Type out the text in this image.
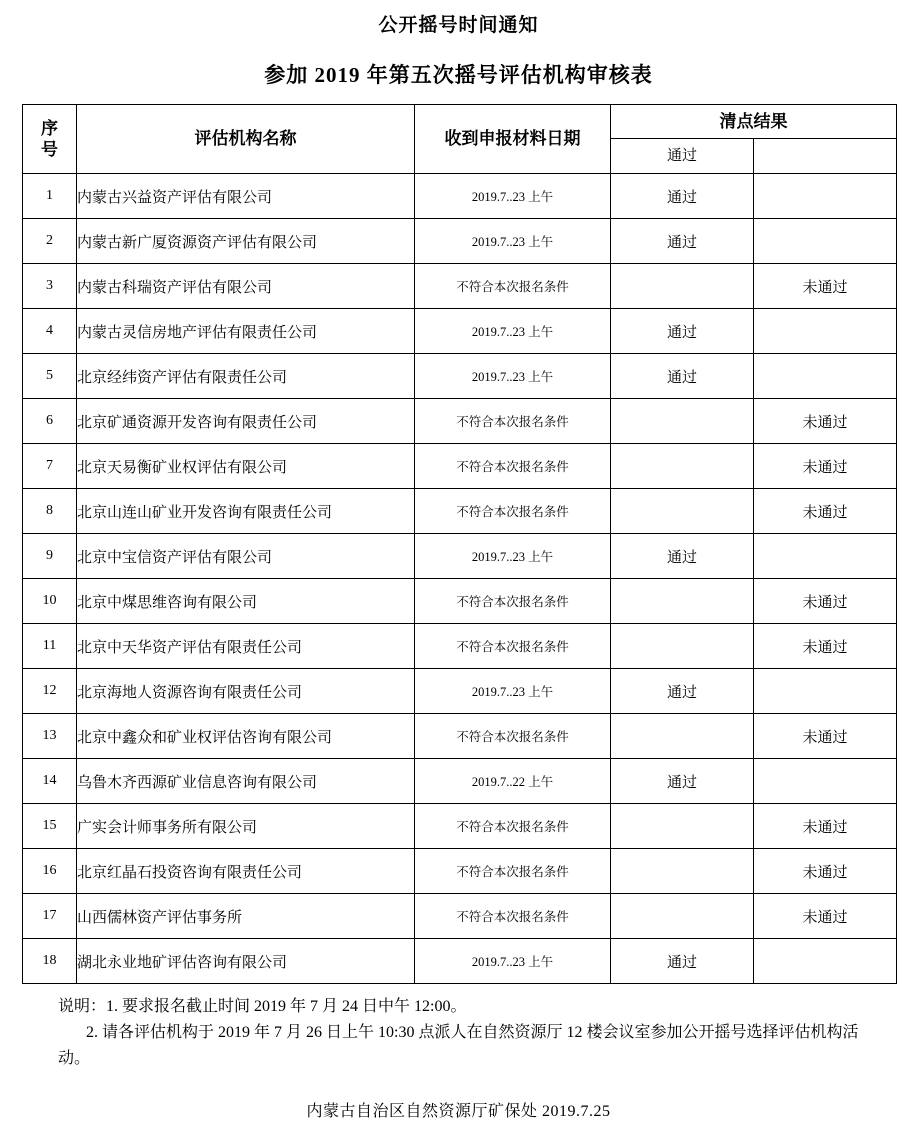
公开摇号时间通知
参加 2019 年第五次摇号评估机构审核表
序
号	评估机构名称	收到申报材料日期	清点结果	
			通过	
1	内蒙古兴益资产评估有限公司	2019.7..23 上午	通过	
2	内蒙古新广厦资源资产评估有限公司	2019.7..23 上午	通过	
3	内蒙古科瑞资产评估有限公司	不符合本次报名条件		未通过
4	内蒙古灵信房地产评估有限责任公司	2019.7..23 上午	通过	
5	北京经纬资产评估有限责任公司	2019.7..23 上午	通过	
6	北京矿通资源开发咨询有限责任公司	不符合本次报名条件		未通过
7	北京天易衡矿业权评估有限公司	不符合本次报名条件		未通过
8	北京山连山矿业开发咨询有限责任公司	不符合本次报名条件		未通过
9	北京中宝信资产评估有限公司	2019.7..23 上午	通过	
10	北京中煤思维咨询有限公司	不符合本次报名条件		未通过
11	北京中天华资产评估有限责任公司	不符合本次报名条件		未通过
12	北京海地人资源咨询有限责任公司	2019.7..23 上午	通过	
13	北京中鑫众和矿业权评估咨询有限公司	不符合本次报名条件		未通过
14	乌鲁木齐西源矿业信息咨询有限公司	2019.7..22 上午	通过	
15	广实会计师事务所有限公司	不符合本次报名条件		未通过
16	北京红晶石投资咨询有限责任公司	不符合本次报名条件		未通过
17	山西儒林资产评估事务所	不符合本次报名条件		未通过
18	湖北永业地矿评估咨询有限公司	2019.7..23 上午	通过	
说明：1. 要求报名截止时间 2019 年 7 月 24 日中午 12:00。
2. 请各评估机构于 2019 年 7 月 26 日上午 10:30 点派人在自然资源厅 12 楼会议室参加公开摇号选择评估机构活动。
内蒙古自治区自然资源厅矿保处 2019.7.25
